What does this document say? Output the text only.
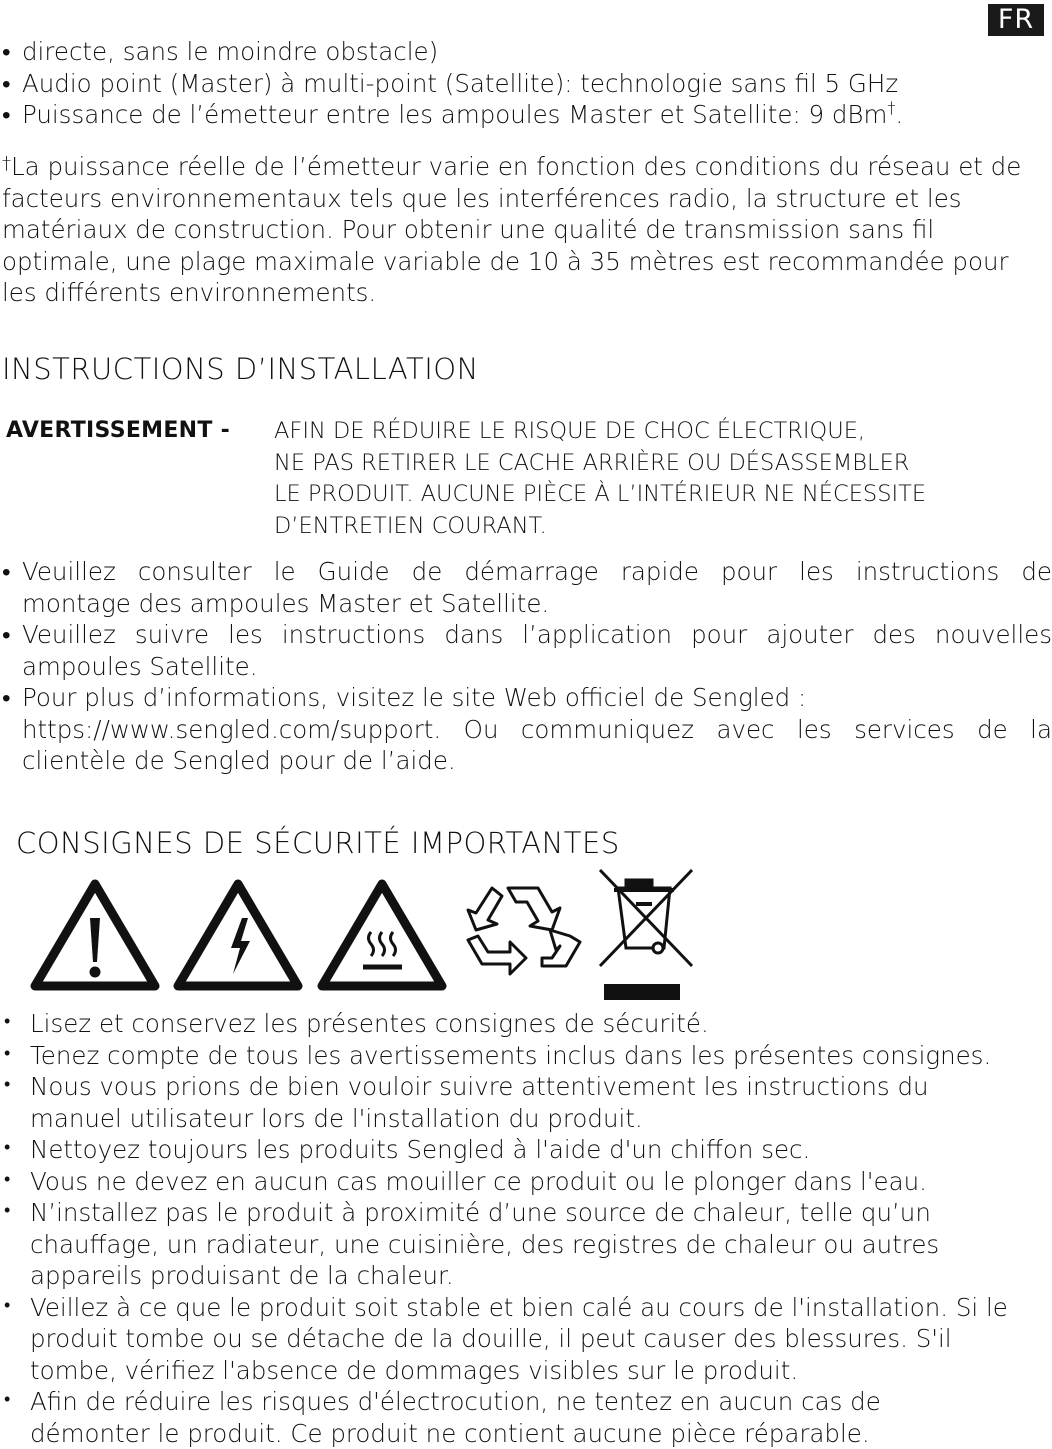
FR
• directe, sans le moindre obstacle)
• Audio point (Master) à multi-point (Satellite): technologie sans fil 5 GHz
• Puissance de l’émetteur entre les ampoules Master et Satellite: 9 dBm†.
†La puissance réelle de l’émetteur varie en fonction des conditions du réseau et de facteurs environnementaux tels que les interférences radio, la structure et les matériaux de construction. Pour obtenir une qualité de transmission sans fil optimale, une plage maximale variable de 10 à 35 mètres est recommandée pour les différents environnements.
INSTRUCTIONS D’INSTALLATION
AVERTISSEMENT - AFIN DE RÉDUIRE LE RISQUE DE CHOC ÉLECTRIQUE,
NE PAS RETIRER LE CACHE ARRIÈRE OU DÉSASSEMBLER
LE PRODUIT. AUCUNE PIÈCE À L’INTÉRIEUR NE NÉCESSITE
D’ENTRETIEN COURANT.
• Veuillez consulter le Guide de démarrage rapide pour les instructions de
montage des ampoules Master et Satellite.
• Veuillez suivre les instructions dans l’application pour ajouter des nouvelles
ampoules Satellite.
• Pour plus d’informations, visitez le site Web officiel de Sengled :
https://www.sengled.com/support. Ou communiquez avec les services de la
clientèle de Sengled pour de l’aide.
CONSIGNES DE SÉCURITÉ IMPORTANTES
• Lisez et conservez les présentes consignes de sécurité.
• Tenez compte de tous les avertissements inclus dans les présentes consignes.
• Nous vous prions de bien vouloir suivre attentivement les instructions du manuel utilisateur lors de l'installation du produit.
• Nettoyez toujours les produits Sengled à l'aide d'un chiffon sec.
• Vous ne devez en aucun cas mouiller ce produit ou le plonger dans l'eau.
• N’installez pas le produit à proximité d’une source de chaleur, telle qu’un chauffage, un radiateur, une cuisinière, des registres de chaleur ou autres appareils produisant de la chaleur.
• Veillez à ce que le produit soit stable et bien calé au cours de l'installation. Si le produit tombe ou se détache de la douille, il peut causer des blessures. S'il tombe, vérifiez l'absence de dommages visibles sur le produit.
• Afin de réduire les risques d'électrocution, ne tentez en aucun cas de démonter le produit. Ce produit ne contient aucune pièce réparable.
